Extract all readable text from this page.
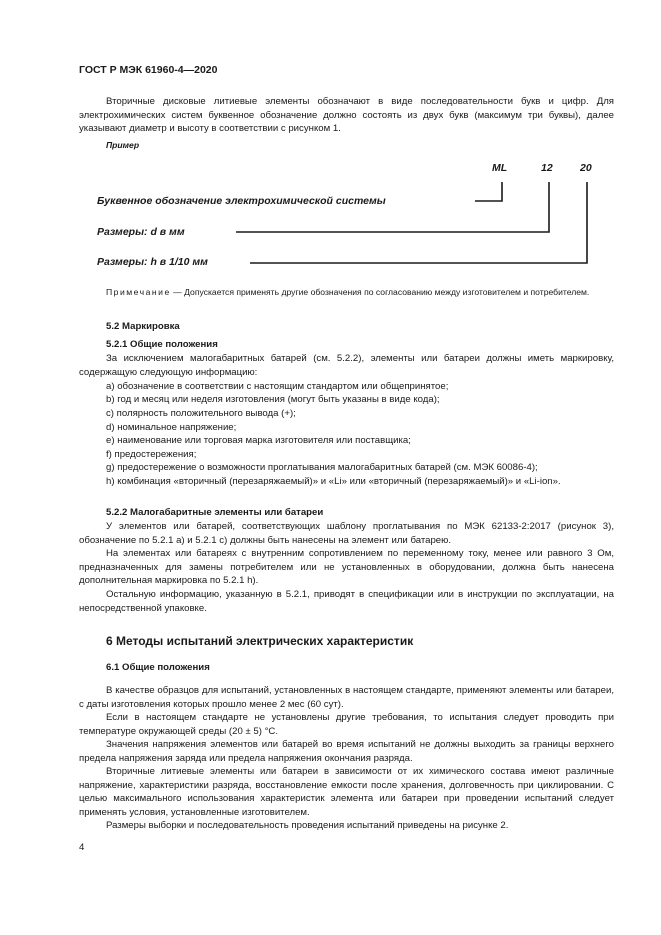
ГОСТ Р МЭК 61960-4—2020

Вторичные дисковые литиевые элементы обозначают в виде последовательности букв и цифр. Для электрохимических систем буквенное обозначение должно состоять из двух букв (максимум три буквы), далее указывают диаметр и высоту в соответствии с рисунком 1.

Пример
ML	12	20
Буквенное обозначение электрохимической системы
Размеры: d в мм
Размеры: h в 1/10 мм

Примечание — Допускается применять другие обозначения по согласованию между изготовителем и потребителем.

5.2 Маркировка
5.2.1 Общие положения

За исключением малогабаритных батарей (см. 5.2.2), элементы или батареи должны иметь маркировку, содержащую следующую информацию:

а) обозначение в соответствии с настоящим стандартом или общепринятое;
b) год и месяц или неделя изготовления (могут быть указаны в виде кода);
с) полярность положительного вывода (+);
d) номинальное напряжение;
е) наименование или торговая марка изготовителя или поставщика;
f) предостережения;
g) предостережение о возможности проглатывания малогабаритных батарей (см. МЭК 60086-4);

h) комбинация «вторичный (перезаряжаемый)» и «Li» или «вторичный (перезаряжаемый)» и «Li-ion».

5.2.2 Малогабаритные элементы или батареи

У элементов или батарей, соответствующих шаблону проглатывания по МЭК 62133-2:2017 (рисунок 3), обозначение по 5.2.1 а) и 5.2.1 с) должны быть нанесены на элемент или батарею.

На элементах или батареях с внутренним сопротивлением по переменному току, менее или равного 3 Ом, предназначенных для замены потребителем или не установленных в оборудовании, должна быть нанесена дополнительная маркировка по 5.2.1 h).

Остальную информацию, указанную в 5.2.1, приводят в спецификации или в инструкции по эксплуатации, на непосредственной упаковке.

6 Методы испытаний электрических характеристик
6.1 Общие положения

В качестве образцов для испытаний, установленных в настоящем стандарте, применяют элементы или батареи, с даты изготовления которых прошло менее 2 мес (60 сут).

Если в настоящем стандарте не установлены другие требования, то испытания следует проводить при температуре окружающей среды (20 ± 5) °С.

Значения напряжения элементов или батарей во время испытаний не должны выходить за границы верхнего предела напряжения заряда или предела напряжения окончания разряда.

Вторичные литиевые элементы или батареи в зависимости от их химического состава имеют различные напряжение, характеристики разряда, восстановление емкости после хранения, долговечность при циклировании. С целью максимального использования характеристик элемента или батареи при проведении испытаний следует применять условия, установленные изготовителем.

Размеры выборки и последовательность проведения испытаний приведены на рисунке 2.

4
